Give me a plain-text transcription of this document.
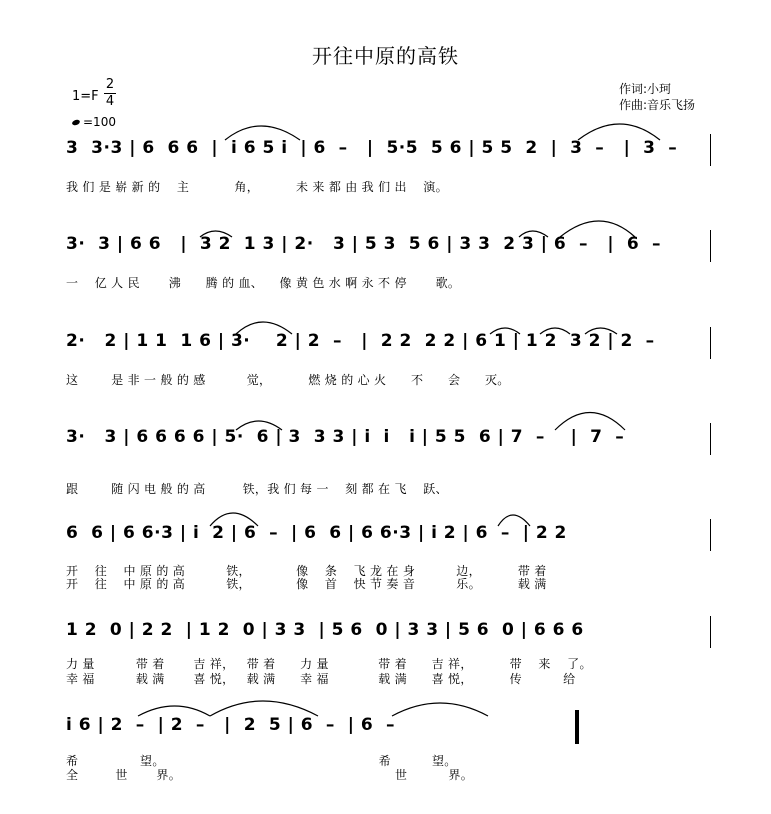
开往中原的高铁
作词:小珂
作曲:音乐飞扬
1=F
2
4
=100
3  3·3 | 6  6 6  |  i 6 5 i  | 6  –   |  5·5  5 6 | 5 5  2  |  3  –   |  3  –
我 们 是 崭 新 的    主           角，         未 来 都 由 我 们 出    演。
3·  3 | 6 6   |  3 2  1 3 | 2·   3 | 5 3  5 6 | 3 3  2 3 | 6  –   |  6  –
一    亿 人 民       沸      腾 的 血、    像 黄 色 水 啊 永 不 停       歌。
2·   2 | 1 1  1 6 | 3·    2 | 2  –   |  2 2  2 2 | 6 1 | 1 2  3 2 | 2  –
这        是 非 一 般 的 感          觉，         燃 烧 的 心 火      不      会      灭。
3·   3 | 6 6 6 6 | 5·  6 | 3  3 3 | i  i   i | 5 5  6 | 7  –    |  7  –
跟        随 闪 电 般 的 高         铁，我 们 每 一    刻 都 在 飞    跃、
6  6 | 6 6·3 | i  2 | 6  –  | 6  6 | 6 6·3 | i 2 | 6  –  | 2 2
开    往    中 原 的 高          铁，           像    条    飞 龙 在 身          边，         带 着
开    往    中 原 的 高          铁，           像    首    快 节 奏 音          乐。         载 满
1 2  0 | 2 2  | 1 2  0 | 3 3  | 5 6  0 | 3 3 | 5 6  0 | 6 6 6
力 量          带 着       吉 祥，   带 着      力 量            带 着      吉 祥，         带    来    了。
幸 福          载 满       喜 悦，   载 满      幸 福            载 满      喜 悦，         传          给
i 6 | 2  –  | 2  –   |  2  5 | 6  –  | 6  –
希               望。                                                    希          望。
全         世       界。                                                    世          界。
